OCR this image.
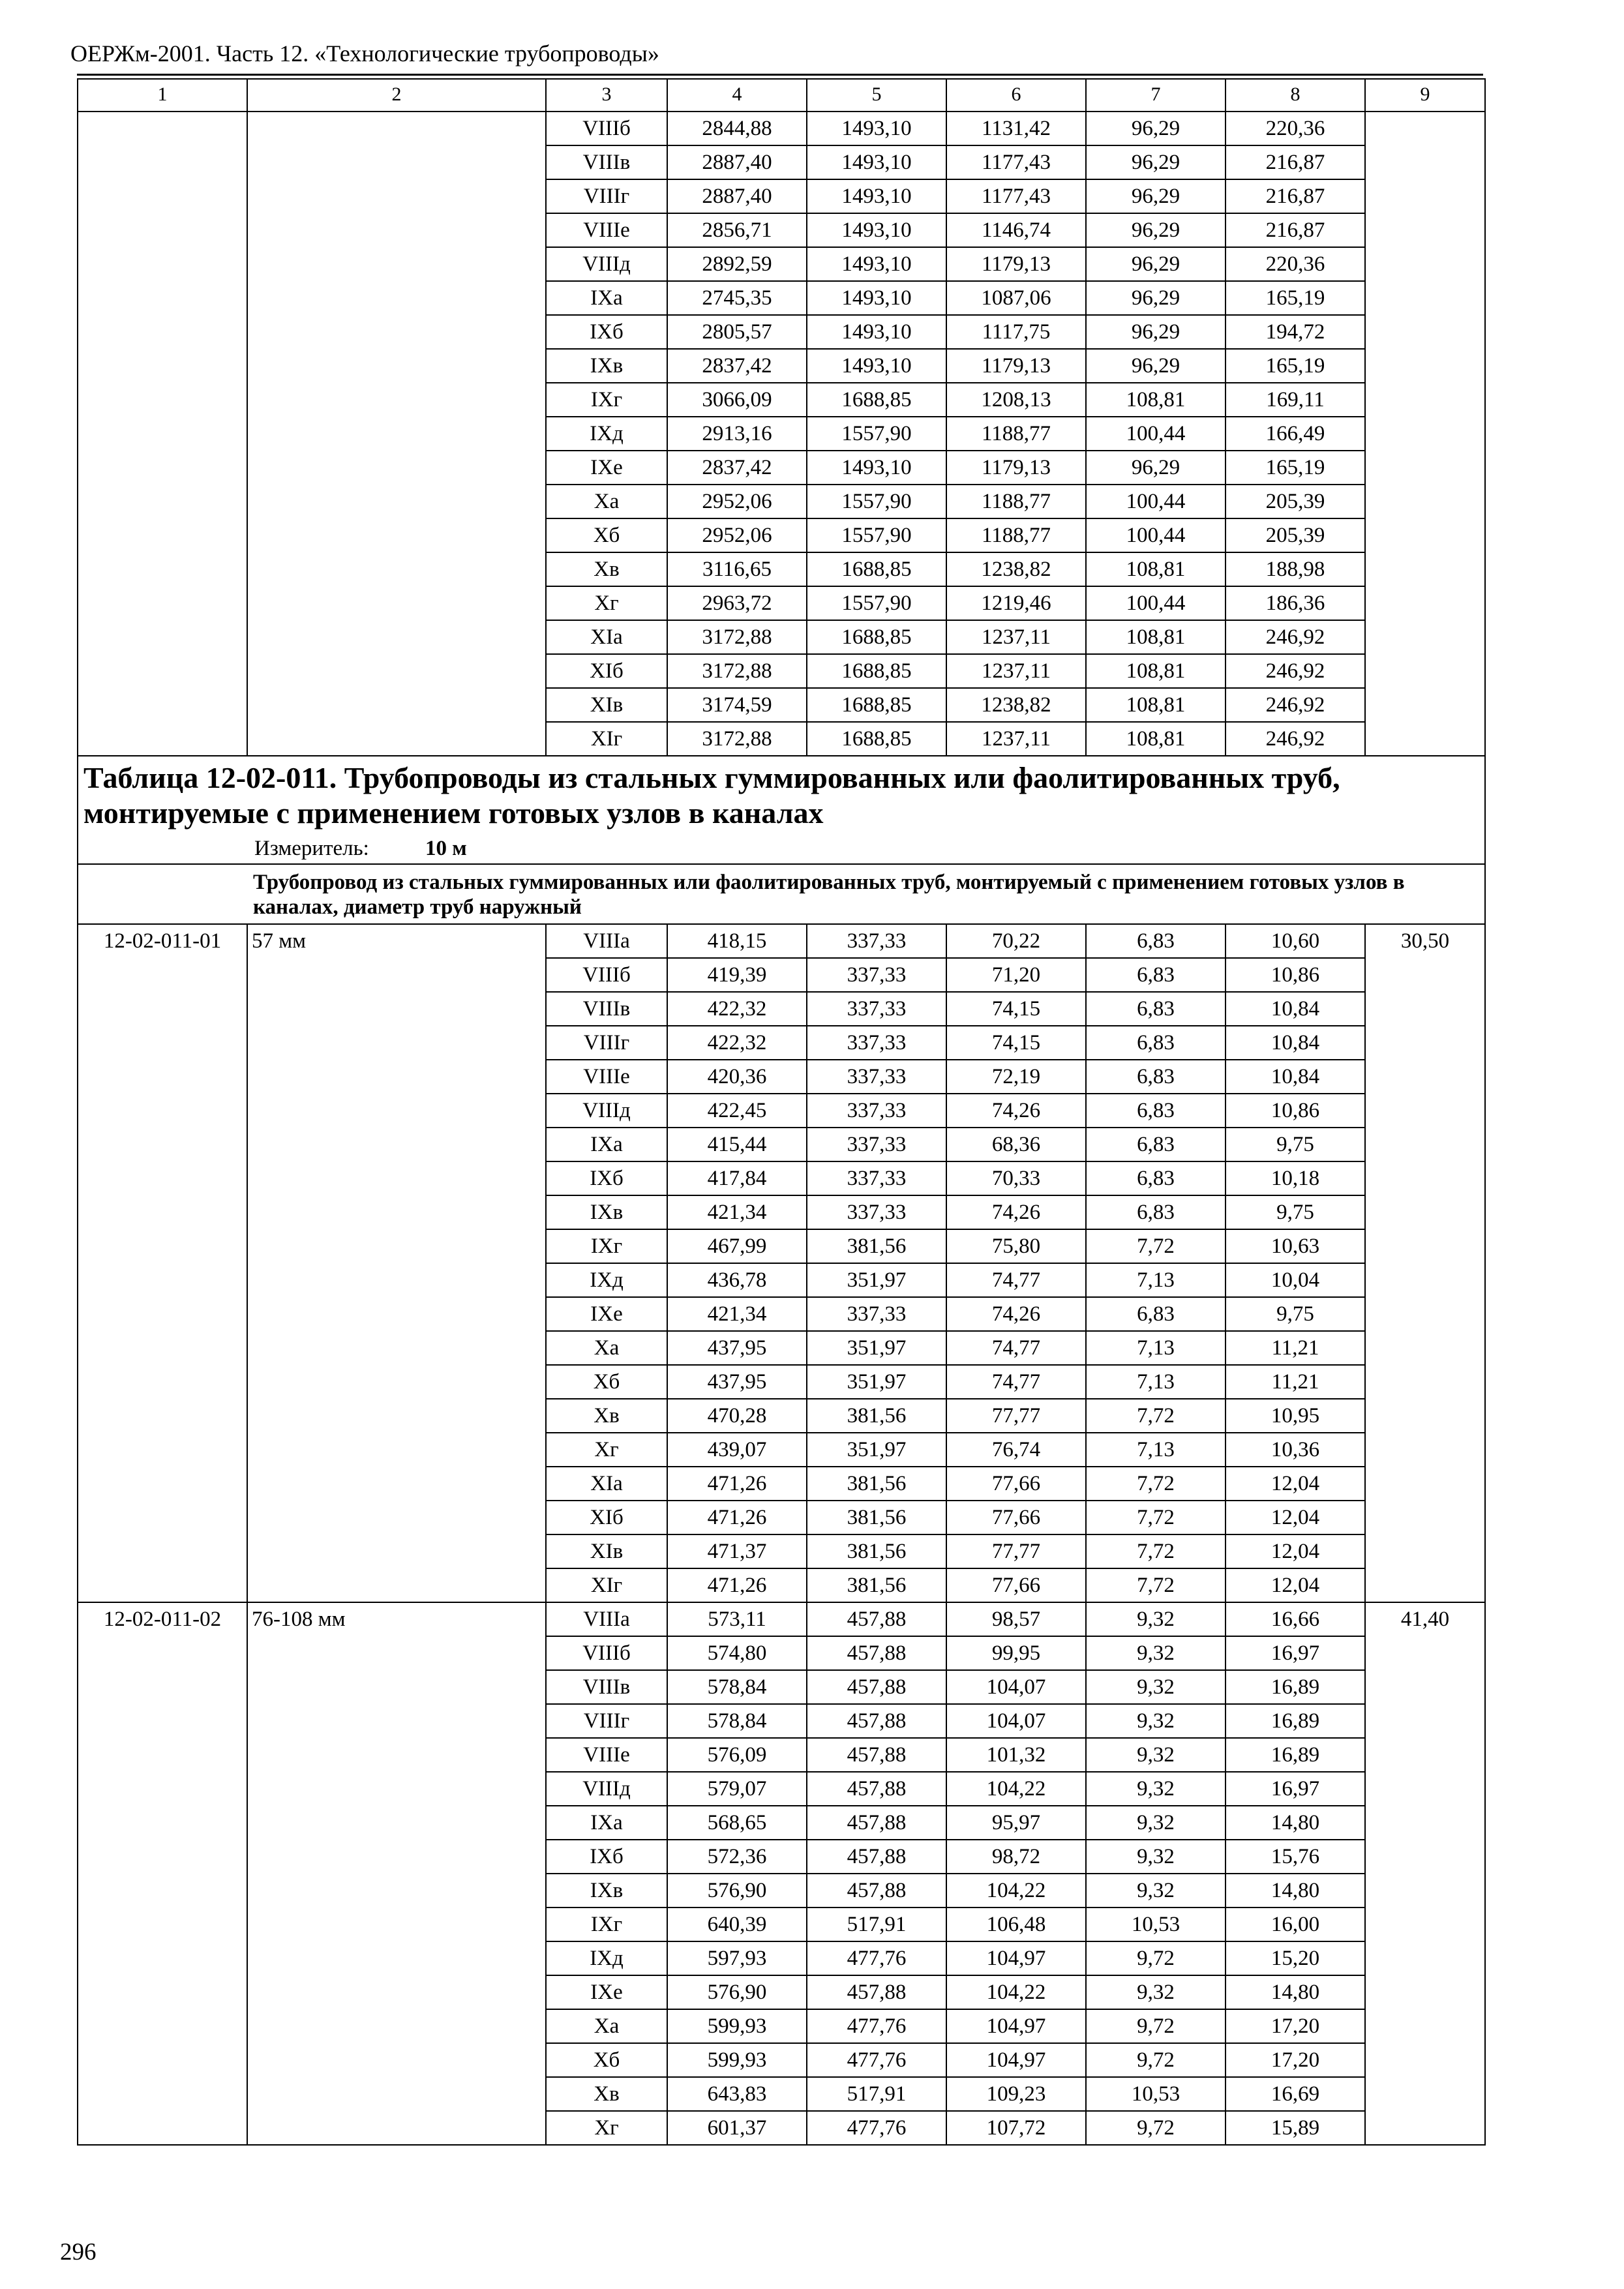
ОЕРЖм-2001. Часть 12. «Технологические трубопроводы»
1	2	3	4	5	6	7	8	9
		VIIIб	2844,88	1493,10	1131,42	96,29	220,36	
		VIIIв	2887,40	1493,10	1177,43	96,29	216,87	
		VIIIг	2887,40	1493,10	1177,43	96,29	216,87	
		VIIIе	2856,71	1493,10	1146,74	96,29	216,87	
		VIIIд	2892,59	1493,10	1179,13	96,29	220,36	
		IXа	2745,35	1493,10	1087,06	96,29	165,19	
		IXб	2805,57	1493,10	1117,75	96,29	194,72	
		IXв	2837,42	1493,10	1179,13	96,29	165,19	
		IXг	3066,09	1688,85	1208,13	108,81	169,11	
		IXд	2913,16	1557,90	1188,77	100,44	166,49	
		IXе	2837,42	1493,10	1179,13	96,29	165,19	
		Xа	2952,06	1557,90	1188,77	100,44	205,39	
		Xб	2952,06	1557,90	1188,77	100,44	205,39	
		Xв	3116,65	1688,85	1238,82	108,81	188,98	
		Xг	2963,72	1557,90	1219,46	100,44	186,36	
		XIа	3172,88	1688,85	1237,11	108,81	246,92	
		XIб	3172,88	1688,85	1237,11	108,81	246,92	
		XIв	3174,59	1688,85	1238,82	108,81	246,92	
		XIг	3172,88	1688,85	1237,11	108,81	246,92	
Таблица 12-02-011. Трубопроводы из стальных гуммированных или фаолитированных труб, монтируемые с применением готовых узлов в каналах								
Измеритель: 10 м								
Трубопровод из стальных гуммированных или фаолитированных труб, монтируемый с применением готовых узлов в каналах, диаметр труб наружный								
12-02-011-01	57 мм	VIIIа	418,15	337,33	70,22	6,83	10,60	30,50
		VIIIб	419,39	337,33	71,20	6,83	10,86	
		VIIIв	422,32	337,33	74,15	6,83	10,84	
		VIIIг	422,32	337,33	74,15	6,83	10,84	
		VIIIе	420,36	337,33	72,19	6,83	10,84	
		VIIIд	422,45	337,33	74,26	6,83	10,86	
		IXа	415,44	337,33	68,36	6,83	9,75	
		IXб	417,84	337,33	70,33	6,83	10,18	
		IXв	421,34	337,33	74,26	6,83	9,75	
		IXг	467,99	381,56	75,80	7,72	10,63	
		IXд	436,78	351,97	74,77	7,13	10,04	
		IXе	421,34	337,33	74,26	6,83	9,75	
		Xа	437,95	351,97	74,77	7,13	11,21	
		Xб	437,95	351,97	74,77	7,13	11,21	
		Xв	470,28	381,56	77,77	7,72	10,95	
		Xг	439,07	351,97	76,74	7,13	10,36	
		XIа	471,26	381,56	77,66	7,72	12,04	
		XIб	471,26	381,56	77,66	7,72	12,04	
		XIв	471,37	381,56	77,77	7,72	12,04	
		XIг	471,26	381,56	77,66	7,72	12,04	
12-02-011-02	76-108 мм	VIIIа	573,11	457,88	98,57	9,32	16,66	41,40
		VIIIб	574,80	457,88	99,95	9,32	16,97	
		VIIIв	578,84	457,88	104,07	9,32	16,89	
		VIIIг	578,84	457,88	104,07	9,32	16,89	
		VIIIе	576,09	457,88	101,32	9,32	16,89	
		VIIIд	579,07	457,88	104,22	9,32	16,97	
		IXа	568,65	457,88	95,97	9,32	14,80	
		IXб	572,36	457,88	98,72	9,32	15,76	
		IXв	576,90	457,88	104,22	9,32	14,80	
		IXг	640,39	517,91	106,48	10,53	16,00	
		IXд	597,93	477,76	104,97	9,72	15,20	
		IXе	576,90	457,88	104,22	9,32	14,80	
		Xа	599,93	477,76	104,97	9,72	17,20	
		Xб	599,93	477,76	104,97	9,72	17,20	
		Xв	643,83	517,91	109,23	10,53	16,69	
		Xг	601,37	477,76	107,72	9,72	15,89	
296
